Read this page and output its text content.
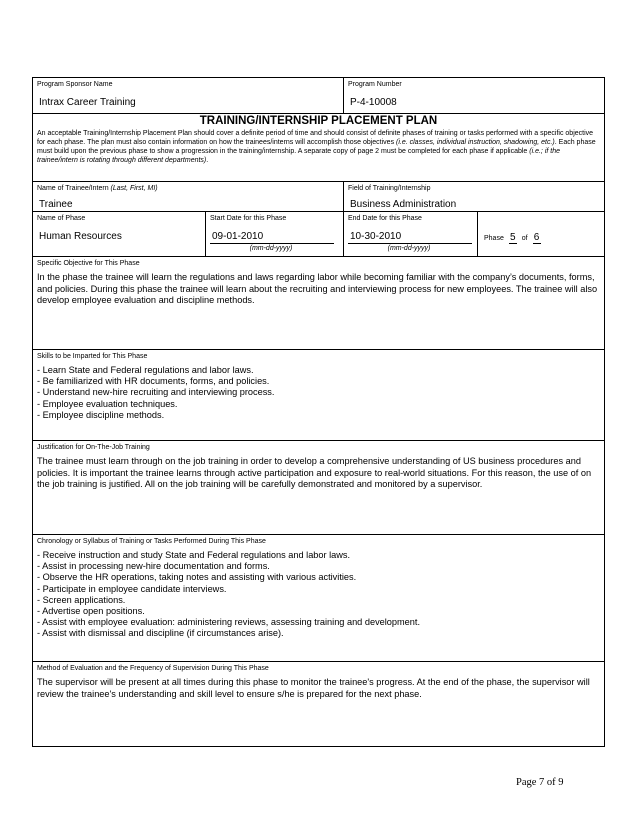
Program Sponsor Name
Intrax Career Training
Program Number
P-4-10008
TRAINING/INTERNSHIP PLACEMENT PLAN
An acceptable Training/Internship Placement Plan should cover a definite period of time and should consist of definite phases of training or tasks performed with a specific objective for each phase. The plan must also contain information on how the trainees/interns will accomplish those objectives (i.e. classes, individual instruction, shadowing, etc.). Each phase must build upon the previous phase to show a progression in the training/internship. A separate copy of page 2 must be completed for each phase if applicable (i.e.; if the trainee/intern is rotating through different departments).
Name of Trainee/Intern (Last, First, MI)
Trainee
Field of Training/Internship
Business Administration
Name of Phase
Human Resources
Start Date for this Phase
09-01-2010
(mm-dd-yyyy)
End Date for this Phase
10-30-2010
(mm-dd-yyyy)
Phase 5 of 6
Specific Objective for This Phase
In the phase the trainee will learn the regulations and laws regarding labor while becoming familiar with the company’s documents, forms, and policies. During this phase the trainee will learn about the recruiting and interviewing process for new employees. The trainee will also develop employee evaluation and discipline methods.
Skills to be Imparted for This Phase
- Learn State and Federal regulations and labor laws.
- Be familiarized with HR documents, forms, and policies.
- Understand new-hire recruiting and interviewing process.
- Employee evaluation techniques.
- Employee discipline methods.
Justification for On-The-Job Training
The trainee must learn through on the job training in order to develop a comprehensive understanding of US business procedures and policies. It is important the trainee learns through active participation and exposure to real-world situations. For this reason, the use of on the job training is justified. All on the job training will be carefully demonstrated and monitored by a supervisor.
Chronology or Syllabus of Training or Tasks Performed During This Phase
- Receive instruction and study State and Federal regulations and labor laws.
- Assist in processing new-hire documentation and forms.
- Observe the HR operations, taking notes and assisting with various activities.
- Participate in employee candidate interviews.
- Screen applications.
- Advertise open positions.
- Assist with employee evaluation: administering reviews, assessing training and development.
- Assist with dismissal and discipline (if circumstances arise).
Method of Evaluation and the Frequency of Supervision During This Phase
The supervisor will be present at all times during this phase to monitor the trainee's progress. At the end of the phase, the supervisor will review the trainee's understanding and skill level to ensure s/he is prepared for the next phase.
Page 7 of 9
